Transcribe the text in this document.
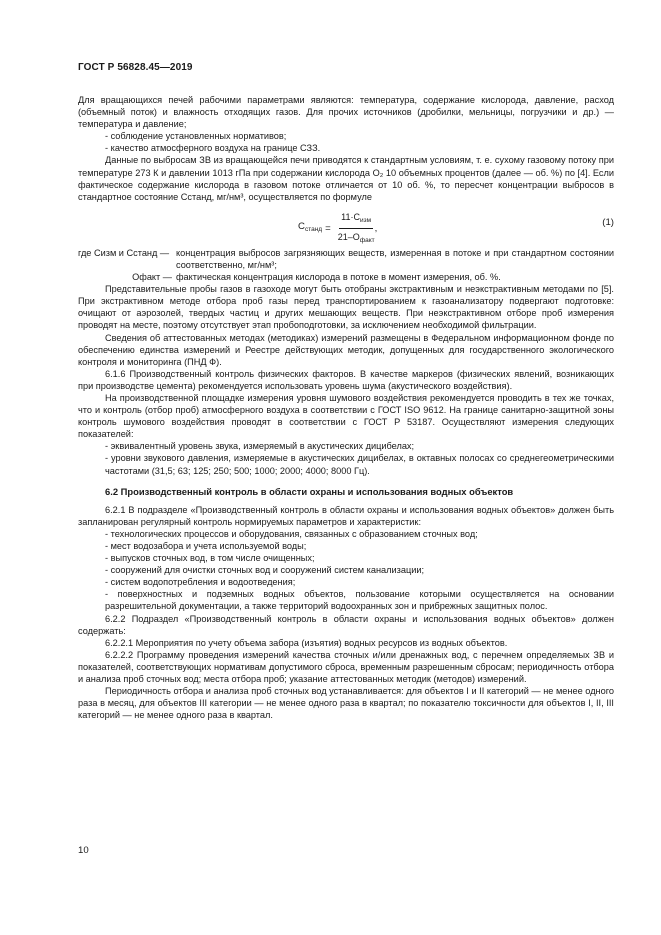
ГОСТ Р 56828.45—2019

Для вращающихся печей рабочими параметрами являются: температура, содержание кислорода, давление, расход (объемный поток) и влажность отходящих газов. Для прочих источников (дробилки, мельницы, погрузчики и др.) — температура и давление;

- соблюдение установленных нормативов;

- качество атмосферного воздуха на границе СЗЗ.

Данные по выбросам ЗВ из вращающейся печи приводятся к стандартным условиям, т. е. сухому газовому потоку при температуре 273 К и давлении 1013 гПа при содержании кислорода O₂ 10 объемных процентов (далее — об. %) по [4]. Если фактическое содержание кислорода в газовом потоке отличается от 10 об. %, то пересчет концентрации выбросов в стандартное состояние Cстанд, мг/нм³, осуществляется по формуле

$C_{станд} = \frac{11\cdot C_{изм}}{21-O_{факт}}$ ,
(1)
где Cизм и Cстанд — концентрация выбросов загрязняющих веществ, измеренная в потоке и при стандартном состоянии соответственно, мг/нм³;
Oфакт — фактическая концентрация кислорода в потоке в момент измерения, об. %.

Представительные пробы газов в газоходе могут быть отобраны экстрактивным и неэкстрактивным методами по [5]. При экстрактивном методе отбора проб газы перед транспортированием к газоанализатору подвергают подготовке: очищают от аэрозолей, твердых частиц и других мешающих веществ. При неэкстрактивном отборе проб измерения проводят на месте, поэтому отсутствует этап пробоподготовки, за исключением необходимой фильтрации.

Сведения об аттестованных методах (методиках) измерений размещены в Федеральном информационном фонде по обеспечению единства измерений и Реестре действующих методик, допущенных для государственного экологического контроля и мониторинга (ПНД Ф).

6.1.6 Производственный контроль физических факторов. В качестве маркеров (физических явлений, возникающих при производстве цемента) рекомендуется использовать уровень шума (акустического воздействия).

На производственной площадке измерения уровня шумового воздействия рекомендуется проводить в тех же точках, что и контроль (отбор проб) атмосферного воздуха в соответствии с ГОСТ ISO 9612. На границе санитарно-защитной зоны контроль шумового воздействия проводят в соответствии с ГОСТ Р 53187. Осуществляют измерения следующих показателей:

- эквивалентный уровень звука, измеряемый в акустических дицибелах;

- уровни звукового давления, измеряемые в акустических дицибелах, в октавных полосах со среднегеометрическими частотами (31,5; 63; 125; 250; 500; 1000; 2000; 4000; 8000 Гц).

6.2 Производственный контроль в области охраны и использования водных объектов

6.2.1 В подразделе «Производственный контроль в области охраны и использования водных объектов» должен быть запланирован регулярный контроль нормируемых параметров и характеристик:

- технологических процессов и оборудования, связанных с образованием сточных вод;

- мест водозабора и учета используемой воды;

- выпусков сточных вод, в том числе очищенных;

- сооружений для очистки сточных вод и сооружений систем канализации;

- систем водопотребления и водоотведения;

- поверхностных и подземных водных объектов, пользование которыми осуществляется на основании разрешительной документации, а также территорий водоохранных зон и прибрежных защитных полос.

6.2.2 Подраздел «Производственный контроль в области охраны и использования водных объектов» должен содержать:

6.2.2.1 Мероприятия по учету объема забора (изъятия) водных ресурсов из водных объектов.

6.2.2.2 Программу проведения измерений качества сточных и/или дренажных вод, с перечнем определяемых ЗВ и показателей, соответствующих нормативам допустимого сброса, временным разрешенным сбросам; периодичность отбора и анализа проб сточных вод; места отбора проб; указание аттестованных методик (методов) измерений.

Периодичность отбора и анализа проб сточных вод устанавливается: для объектов I и II категорий — не менее одного раза в месяц, для объектов III категории — не менее одного раза в квартал; по показателю токсичности для объектов I, II, III категорий — не менее одного раза в квартал.

10
